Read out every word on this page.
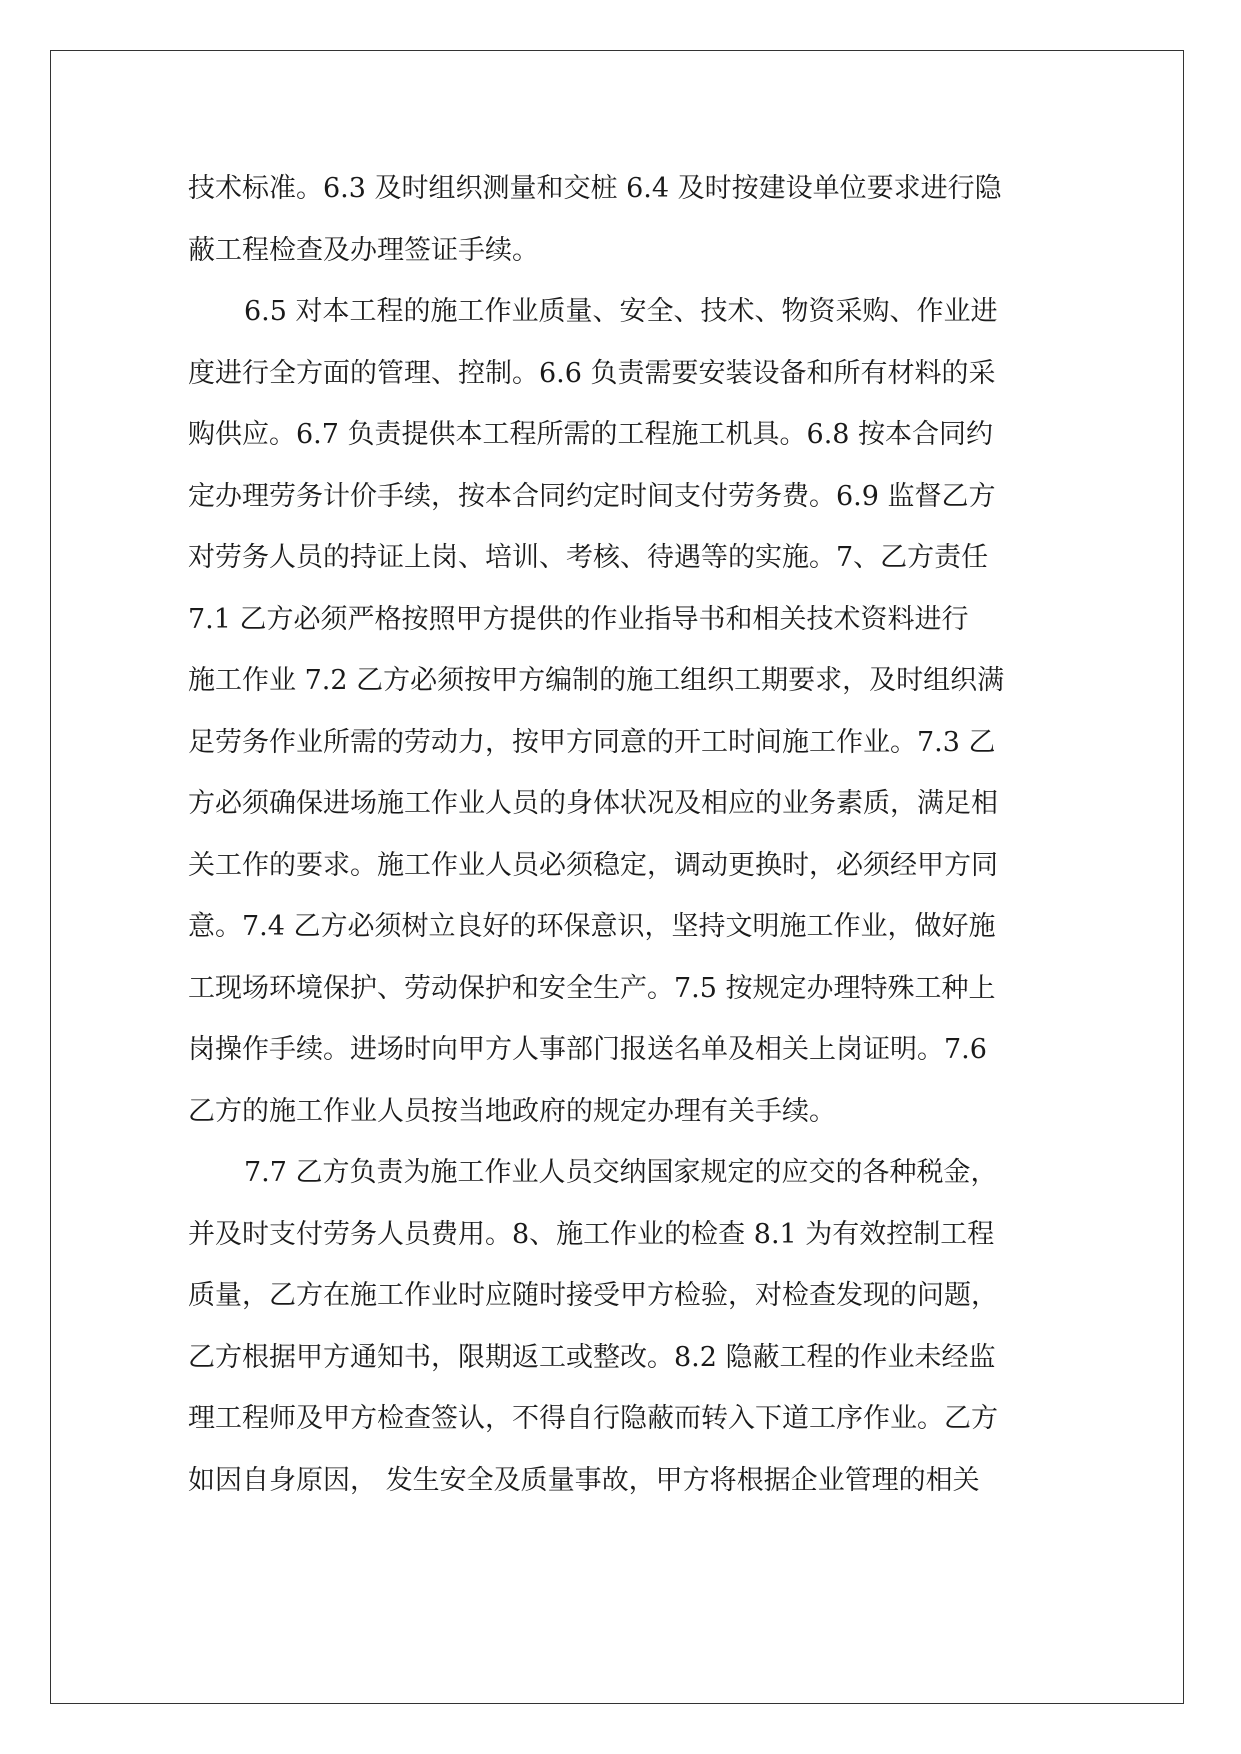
技术标准。6.3 及时组织测量和交桩 6.4 及时按建设单位要求进行隐
蔽工程检查及办理签证手续。
6.5 对本工程的施工作业质量、安全、技术、物资采购、作业进
度进行全方面的管理、控制。6.6 负责需要安装设备和所有材料的采
购供应。6.7 负责提供本工程所需的工程施工机具。6.8 按本合同约
定办理劳务计价手续，按本合同约定时间支付劳务费。6.9 监督乙方
对劳务人员的持证上岗、培训、考核、待遇等的实施。7、乙方责任
7.1 乙方必须严格按照甲方提供的作业指导书和相关技术资料进行
施工作业 7.2 乙方必须按甲方编制的施工组织工期要求，及时组织满
足劳务作业所需的劳动力，按甲方同意的开工时间施工作业。7.3 乙
方必须确保进场施工作业人员的身体状况及相应的业务素质，满足相
关工作的要求。施工作业人员必须稳定，调动更换时，必须经甲方同
意。7.4 乙方必须树立良好的环保意识，坚持文明施工作业，做好施
工现场环境保护、劳动保护和安全生产。7.5 按规定办理特殊工种上
岗操作手续。进场时向甲方人事部门报送名单及相关上岗证明。7.6
乙方的施工作业人员按当地政府的规定办理有关手续。
7.7 乙方负责为施工作业人员交纳国家规定的应交的各种税金，
并及时支付劳务人员费用。8、施工作业的检查 8.1 为有效控制工程
质量，乙方在施工作业时应随时接受甲方检验，对检查发现的问题，
乙方根据甲方通知书，限期返工或整改。8.2 隐蔽工程的作业未经监
理工程师及甲方检查签认，不得自行隐蔽而转入下道工序作业。乙方
如因自身原因， 发生安全及质量事故，甲方将根据企业管理的相关
